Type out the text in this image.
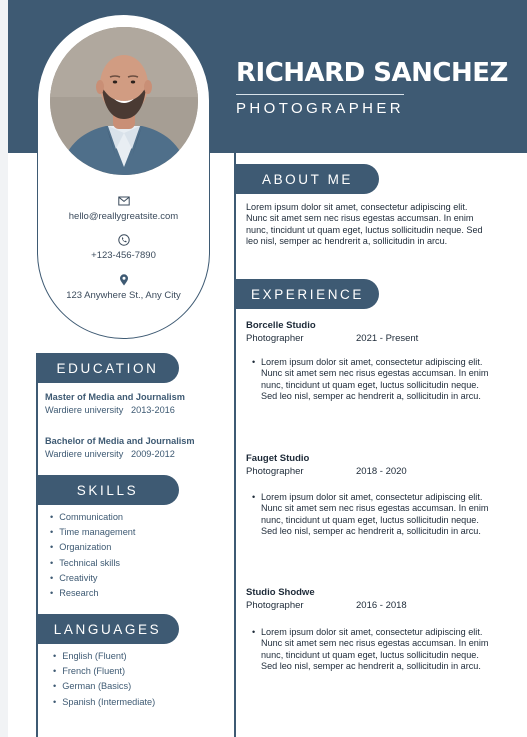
RICHARD SANCHEZ
PHOTOGRAPHER
hello@reallygreatsite.com
+123-456-7890
123 Anywhere St., Any City
ABOUT ME
Lorem ipsum dolor sit amet, consectetur adipiscing elit.
Nunc sit amet sem nec risus egestas accumsan. In enim
nunc, tincidunt ut quam eget, luctus sollicitudin neque. Sed
leo nisl, semper ac hendrerit a, sollicitudin in arcu.
EXPERIENCE
Borcelle Studio
Photographer	2021 - Present
• Lorem ipsum dolor sit amet, consectetur adipiscing elit.
Nunc sit amet sem nec risus egestas accumsan. In enim
nunc, tincidunt ut quam eget, luctus sollicitudin neque.
Sed leo nisl, semper ac hendrerit a, sollicitudin in arcu.
Fauget Studio
Photographer	2018 - 2020
• Lorem ipsum dolor sit amet, consectetur adipiscing elit.
Nunc sit amet sem nec risus egestas accumsan. In enim
nunc, tincidunt ut quam eget, luctus sollicitudin neque.
Sed leo nisl, semper ac hendrerit a, sollicitudin in arcu.
Studio Shodwe
Photographer	2016 - 2018
• Lorem ipsum dolor sit amet, consectetur adipiscing elit.
Nunc sit amet sem nec risus egestas accumsan. In enim
nunc, tincidunt ut quam eget, luctus sollicitudin neque.
Sed leo nisl, semper ac hendrerit a, sollicitudin in arcu.
EDUCATION
Master of Media and Journalism
Wardiere university 2013-2016
Bachelor of Media and Journalism
Wardiere university 2009-2012
SKILLS
• Communication
• Time management
• Organization
• Technical skills
• Creativity
• Research
LANGUAGES
• English (Fluent)
• French (Fluent)
• German (Basics)
• Spanish (Intermediate)
